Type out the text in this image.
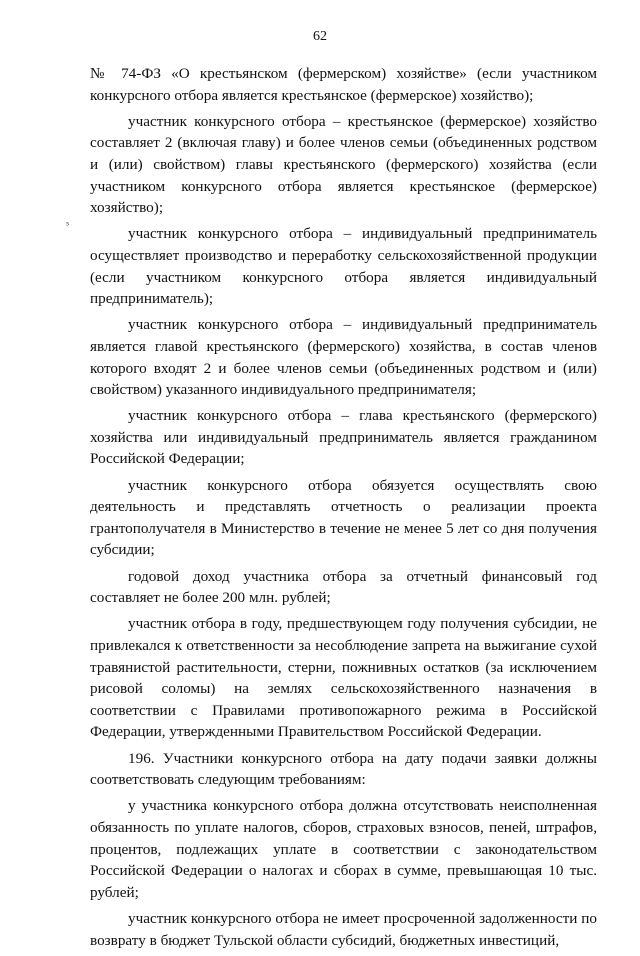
62
⁵

№ 74-ФЗ «О крестьянском (фермерском) хозяйстве» (если участником конкурсного отбора является крестьянское (фермерское) хозяйство);

участник конкурсного отбора – крестьянское (фермерское) хозяйство составляет 2 (включая главу) и более членов семьи (объединенных родством и (или) свойством) главы крестьянского (фермерского) хозяйства (если участником конкурсного отбора является крестьянское (фермерское) хозяйство);

участник конкурсного отбора – индивидуальный предприниматель осуществляет производство и переработку сельскохозяйственной продукции (если участником конкурсного отбора является индивидуальный предприниматель);

участник конкурсного отбора – индивидуальный предприниматель является главой крестьянского (фермерского) хозяйства, в состав членов которого входят 2 и более членов семьи (объединенных родством и (или) свойством) указанного индивидуального предпринимателя;

участник конкурсного отбора – глава крестьянского (фермерского) хозяйства или индивидуальный предприниматель является гражданином Российской Федерации;

участник конкурсного отбора обязуется осуществлять свою деятельность и представлять отчетность о реализации проекта грантополучателя в Министерство в течение не менее 5 лет со дня получения субсидии;

годовой доход участника отбора за отчетный финансовый год составляет не более 200 млн. рублей;

участник отбора в году, предшествующем году получения субсидии, не привлекался к ответственности за несоблюдение запрета на выжигание сухой травянистой растительности, стерни, пожнивных остатков (за исключением рисовой соломы) на землях сельскохозяйственного назначения в соответствии с Правилами противопожарного режима в Российской Федерации, утвержденными Правительством Российской Федерации.

196. Участники конкурсного отбора на дату подачи заявки должны соответствовать следующим требованиям:

у участника конкурсного отбора должна отсутствовать неисполненная обязанность по уплате налогов, сборов, страховых взносов, пеней, штрафов, процентов, подлежащих уплате в соответствии с законодательством Российской Федерации о налогах и сборах в сумме, превышающая 10 тыс. рублей;

участник конкурсного отбора не имеет просроченной задолженности по возврату в бюджет Тульской области субсидий, бюджетных инвестиций,
